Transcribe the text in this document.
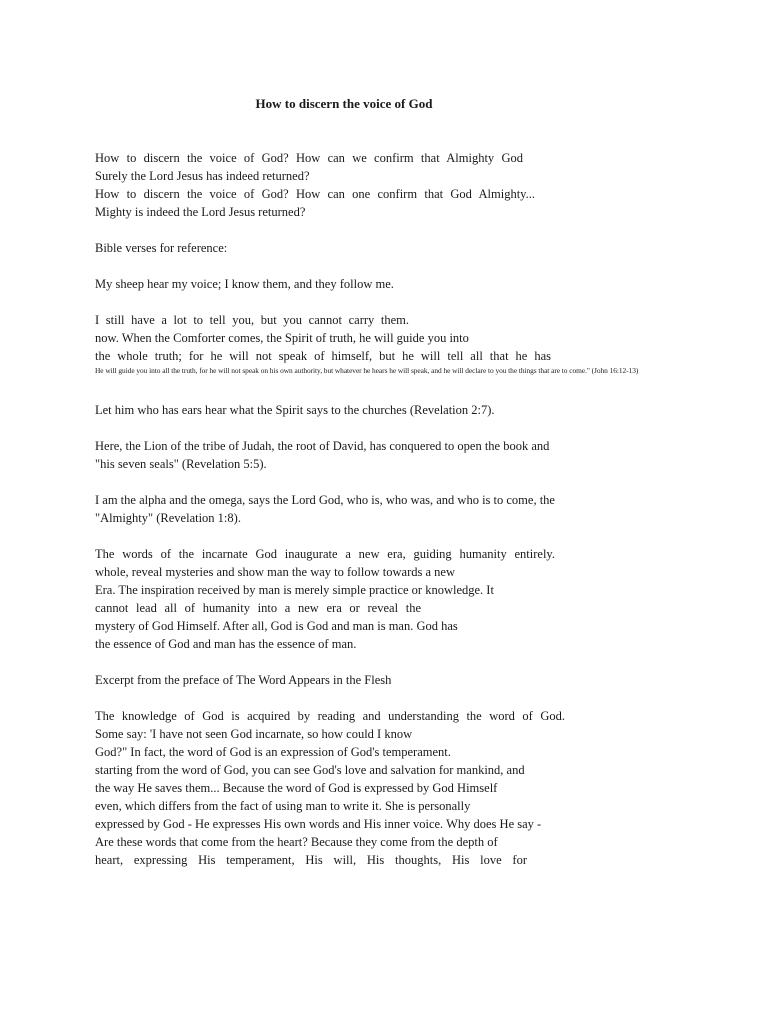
How to discern the voice of God
How to discern the voice of God? How can we confirm that Almighty God
Surely the Lord Jesus has indeed returned?
How to discern the voice of God? How can one confirm that God Almighty...
Mighty is indeed the Lord Jesus returned?
Bible verses for reference:
My sheep hear my voice; I know them, and they follow me.
I still have a lot to tell you, but you cannot carry them.
now. When the Comforter comes, the Spirit of truth, he will guide you into
the whole truth; for he will not speak of himself, but he will tell all that he has
He will guide you into all the truth, for he will not speak on his own authority, but whatever he hears he will speak, and he will declare to you the things that are to come." (John 16:12-13)
Let him who has ears hear what the Spirit says to the churches (Revelation 2:7).
Here, the Lion of the tribe of Judah, the root of David, has conquered to open the book and
"his seven seals" (Revelation 5:5).
I am the alpha and the omega, says the Lord God, who is, who was, and who is to come, the
"Almighty" (Revelation 1:8).
The words of the incarnate God inaugurate a new era, guiding humanity entirely.
whole, reveal mysteries and show man the way to follow towards a new
Era. The inspiration received by man is merely simple practice or knowledge. It
cannot lead all of humanity into a new era or reveal the
mystery of God Himself. After all, God is God and man is man. God has
the essence of God and man has the essence of man.
Excerpt from the preface of The Word Appears in the Flesh
The knowledge of God is acquired by reading and understanding the word of God.
Some say: 'I have not seen God incarnate, so how could I know
God?" In fact, the word of God is an expression of God's temperament.
starting from the word of God, you can see God's love and salvation for mankind, and
the way He saves them... Because the word of God is expressed by God Himself
even, which differs from the fact of using man to write it. She is personally
expressed by God - He expresses His own words and His inner voice. Why does He say -
Are these words that come from the heart? Because they come from the depth of
heart, expressing His temperament, His will, His thoughts, His love for
